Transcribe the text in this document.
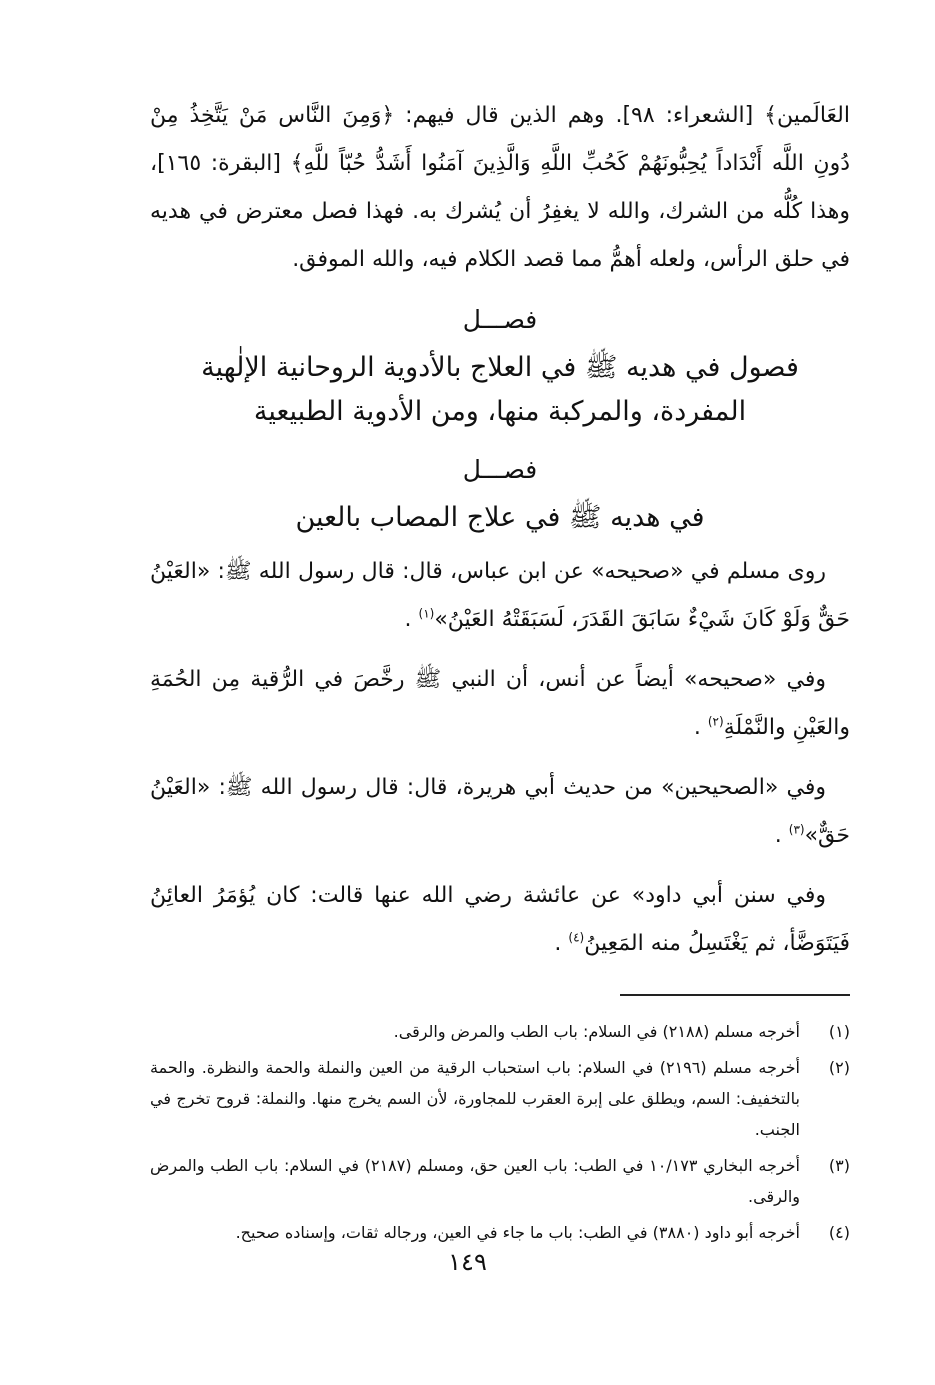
العَالَمين﴾ [الشعراء: ٩٨]. وهم الذين قال فيهم: ﴿وَمِنَ النَّاس مَنْ يَتَّخِذُ مِنْ دُونِ اللَّه أَنْدَاداً يُحِبُّونَهُمْ كَحُبِّ اللَّهِ وَالَّذِينَ آمَنُوا أَشَدُّ حُبّاً للَّهِ﴾ [البقرة: ١٦٥]، وهذا كُلُّه من الشرك، والله لا يغفِرُ أن يُشرك به. فهذا فصل معترض في هديه في حلق الرأس، ولعله أهمُّ مما قصد الكلام فيه، والله الموفق.

فصـــل
فصول في هديه ﷺ في العلاج بالأدوية الروحانية الإلٰهية
المفردة، والمركبة منها، ومن الأدوية الطبيعية
فصـــل
في هديه ﷺ في علاج المصاب بالعين

روى مسلم في «صحيحه» عن ابن عباس، قال: قال رسول الله ﷺ: «العَيْنُ حَقٌّ وَلَوْ كَانَ شَيْءٌ سَابَقَ القَدَرَ، لَسَبَقَتْهُ العَيْنُ»$^{(١)}$ .

وفي «صحيحه» أيضاً عن أنس، أن النبي ﷺ رخَّصَ في الرُّقية مِن الحُمَةِ والعَيْنِ والنَّمْلَةِ$^{(٢)}$ .

وفي «الصحيحين» من حديث أبي هريرة، قال: قال رسول الله ﷺ: «العَيْنُ حَقٌّ»$^{(٣)}$ .

وفي سنن أبي داود» عن عائشة رضي الله عنها قالت: كان يُؤمَرُ العائِنُ فَيَتَوَضَّأ، ثم يَغْتَسِلُ منه المَعِينُ$^{(٤)}$ .

(١)
أخرجه مسلم (٢١٨٨) في السلام: باب الطب والمرض والرقى.
(٢)
أخرجه مسلم (٢١٩٦) في السلام: باب استحباب الرقية من العين والنملة والحمة والنظرة. والحمة بالتخفيف: السم، ويطلق على إبرة العقرب للمجاورة، لأن السم يخرج منها. والنملة: قروح تخرج في الجنب.
(٣)
أخرجه البخاري ١٠/١٧٣ في الطب: باب العين حق، ومسلم (٢١٨٧) في السلام: باب الطب والمرض والرقى.
(٤)
أخرجه أبو داود (٣٨٨٠) في الطب: باب ما جاء في العين، ورجاله ثقات، وإسناده صحيح.
١٤٩
